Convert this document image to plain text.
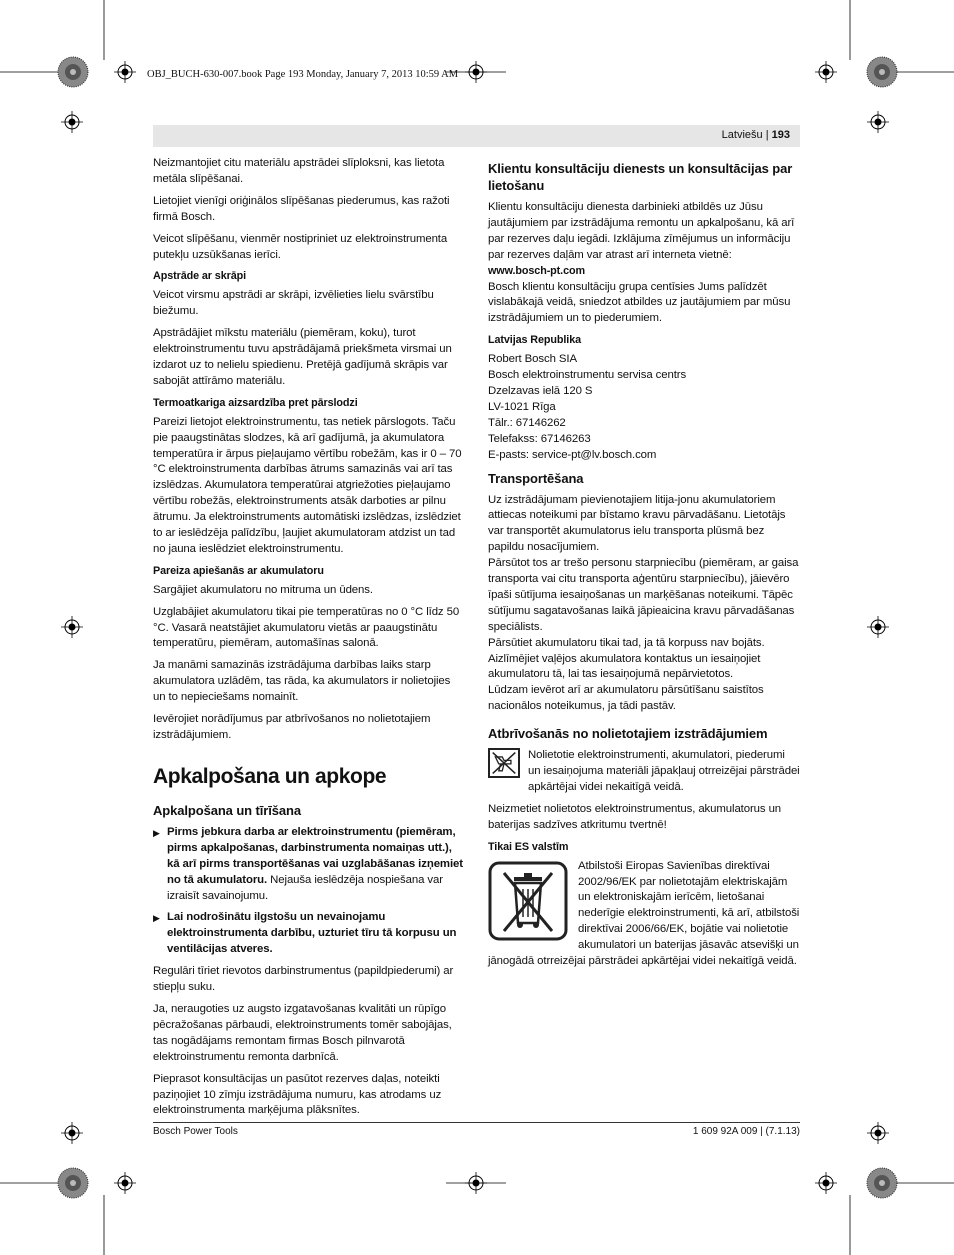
OBJ_BUCH-630-007.book Page 193 Monday, January 7, 2013 10:59 AM
Latviešu | 193

Neizmantojiet citu materiālu apstrādei slīploksni, kas lietota metāla slīpēšanai.

Lietojiet vienīgi oriģinālos slīpēšanas piederumus, kas ražoti firmā Bosch.

Veicot slīpēšanu, vienmēr nostipriniet uz elektroinstrumenta putekļu uzsūkšanas ierīci.

Apstrāde ar skrāpi

Veicot virsmu apstrādi ar skrāpi, izvēlieties lielu svārstību biežumu.

Apstrādājiet mīkstu materiālu (piemēram, koku), turot elektroinstrumentu tuvu apstrādājamā priekšmeta virsmai un izdarot uz to nelielu spiedienu. Pretējā gadījumā skrāpis var sabojāt attīrāmo materiālu.

Termoatkariga aizsardzība pret pārslodzi

Pareizi lietojot elektroinstrumentu, tas netiek pārslogots. Taču pie paaugstinātas slodzes, kā arī gadījumā, ja akumulatora temperatūra ir ārpus pieļaujamo vērtību robežām, kas ir 0 – 70 °C elektroinstrumenta darbības ātrums samazinās vai arī tas izslēdzas. Akumulatora temperatūrai atgriežoties pieļaujamo vērtību robežās, elektroinstruments atsāk darboties ar pilnu ātrumu. Ja elektroinstruments automātiski izslēdzas, izslēdziet to ar ieslēdzēja palīdzību, ļaujiet akumulatoram atdzist un tad no jauna ieslēdziet elektroinstrumentu.

Pareiza apiešanās ar akumulatoru

Sargājiet akumulatoru no mitruma un ūdens.

Uzglabājiet akumulatoru tikai pie temperatūras no 0 °C līdz 50 °C. Vasarā neatstājiet akumulatoru vietās ar paaugstinātu temperatūru, piemēram, automašīnas salonā.

Ja manāmi samazinās izstrādājuma darbības laiks starp akumulatora uzlādēm, tas rāda, ka akumulators ir nolietojies un to nepieciešams nomainīt.

Ievērojiet norādījumus par atbrīvošanos no nolietotajiem izstrādājumiem.

Apkalpošana un apkope
Apkalpošana un tīrīšana
▶ Pirms jebkura darba ar elektroinstrumentu (piemēram, pirms apkalpošanas, darbinstrumenta nomaiņas utt.), kā arī pirms transportēšanas vai uzglabāšanas izņemiet no tā akumulatoru. Nejauša ieslēdzēja nospiešana var izraisīt savainojumu.
▶ Lai nodrošinātu ilgstošu un nevainojamu elektroinstrumenta darbību, uzturiet tīru tā korpusu un ventilācijas atveres.

Regulāri tīriet rievotos darbinstrumentus (papildpiederumi) ar stiepļu suku.

Ja, neraugoties uz augsto izgatavošanas kvalitāti un rūpīgo pēcražošanas pārbaudi, elektroinstruments tomēr sabojājas, tas nogādājams remontam firmas Bosch pilnvarotā elektroinstrumentu remonta darbnīcā.

Pieprasot konsultācijas un pasūtot rezerves daļas, noteikti paziņojiet 10 zīmju izstrādājuma numuru, kas atrodams uz elektroinstrumenta marķējuma plāksnītes.

Klientu konsultāciju dienests un konsultācijas par lietošanu

Klientu konsultāciju dienesta darbinieki atbildēs uz Jūsu jautājumiem par izstrādājuma remontu un apkalpošanu, kā arī par rezerves daļu iegādi. Izklājuma zīmējumus un informāciju par rezerves daļām var atrast arī interneta vietnē:

www.bosch-pt.com

Bosch klientu konsultāciju grupa centīsies Jums palīdzēt vislabākajā veidā, sniedzot atbildes uz jautājumiem par mūsu izstrādājumiem un to piederumiem.

Latvijas Republika
Robert Bosch SIA
Bosch elektroinstrumentu servisa centrs
Dzelzavas ielā 120 S
LV-1021 Rīga
Tālr.: 67146262
Telefakss: 67146263
E-pasts: service-pt@lv.bosch.com
Transportēšana

Uz izstrādājumam pievienotajiem litija-jonu akumulatoriem attiecas noteikumi par bīstamo kravu pārvadāšanu. Lietotājs var transportēt akumulatorus ielu transporta plūsmā bez papildu nosacījumiem.

Pārsūtot tos ar trešo personu starpniecību (piemēram, ar gaisa transporta vai citu transporta aģentūru starpniecību), jāievēro īpaši sūtījuma iesaiņošanas un marķēšanas noteikumi. Tāpēc sūtījumu sagatavošanas laikā jāpieaicina kravu pārvadāšanas speciālists.

Pārsūtiet akumulatoru tikai tad, ja tā korpuss nav bojāts. Aizlīmējiet vaļējos akumulatora kontaktus un iesaiņojiet akumulatoru tā, lai tas iesaiņojumā nepārvietotos.

Lūdzam ievērot arī ar akumulatoru pārsūtīšanu saistītos nacionālos noteikumus, ja tādi pastāv.

Atbrīvošanās no nolietotajiem izstrādājumiem

Nolietotie elektroinstrumenti, akumulatori, piederumi un iesaiņojuma materiāli jāpakļauj otrreizējai pārstrādei apkārtējai videi nekaitīgā veidā.

Neizmetiet nolietotos elektroinstrumentus, akumulatorus un baterijas sadzīves atkritumu tvertnē!

Tikai ES valstīm

Atbilstoši Eiropas Savienības direktīvai 2002/96/EK par nolietotajām elektriskajām un elektroniskajām ierīcēm, lietošanai nederīgie elektroinstrumenti, kā arī, atbilstoši direktīvai 2006/66/EK, bojātie vai nolietotie akumulatori un baterijas jāsavāc atsevišķi un jānogādā otrreizējai pārstrādei apkārtējai videi nekaitīgā veidā.

Bosch Power Tools	1 609 92A 009 | (7.1.13)
